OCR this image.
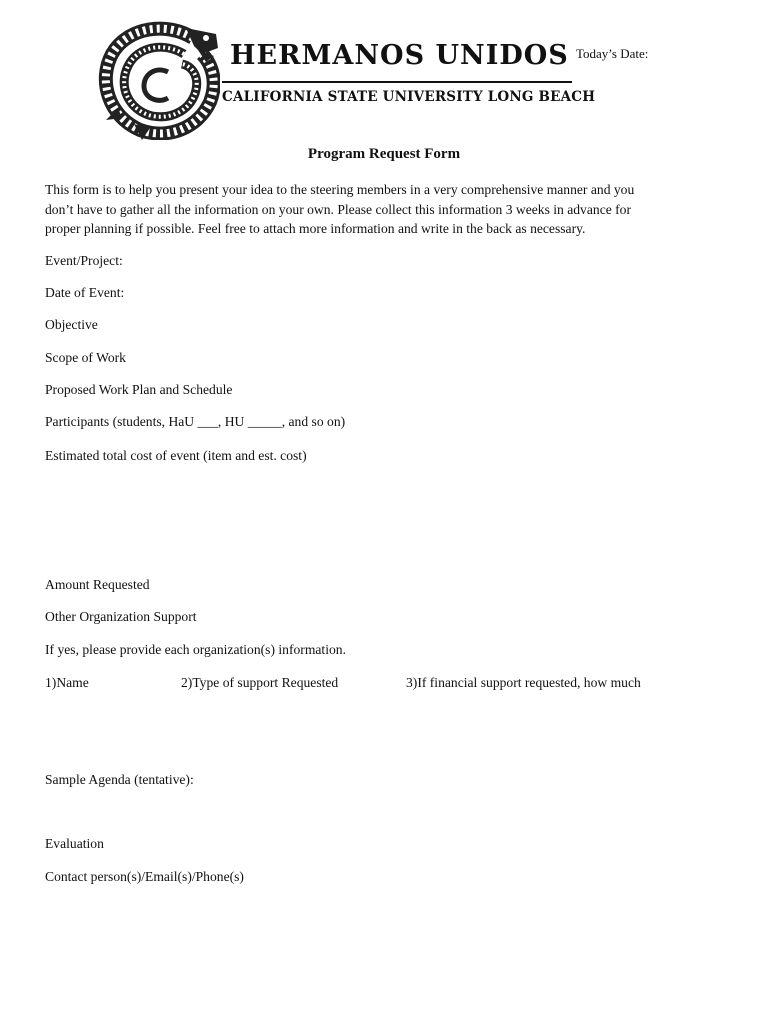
HERMANOS UNIDOS
CALIFORNIA STATE UNIVERSITY LONG BEACH
Today’s Date:
Program Request Form

This form is to help you present your idea to the steering members in a very comprehensive manner and you

don’t have to gather all the information on your own. Please collect this information 3 weeks in advance for

proper planning if possible. Feel free to attach more information and write in the back as necessary.

Event/Project:
Date of Event:
Objective
Scope of Work
Proposed Work Plan and Schedule
Participants (students, HaU ___, HU _____, and so on)
Estimated total cost of event (item and est. cost)
Amount Requested
Other Organization Support
If yes, please provide each organization(s) information.
1)Name	2)Type of support Requested	3)If financial support requested, how much
Sample Agenda (tentative):
Evaluation
Contact person(s)/Email(s)/Phone(s)
